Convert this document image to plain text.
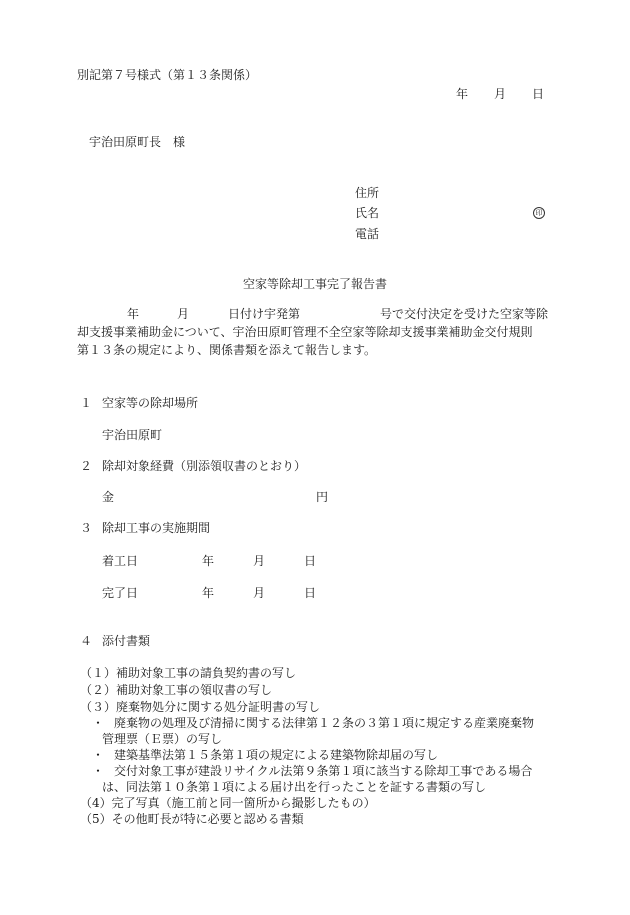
別記第７号様式（第１３条関係）
年 月 日
宇治田原町長　様
住所
氏名	印
電話
空家等除却工事完了報告書
年	月	日付け宇発第	号で交付決定を受けた空家等除
却支援事業補助金について、宇治田原町管理不全空家等除却支援事業補助金交付規則
第１３条の規定により、関係書類を添えて報告します。
１ 空家等の除却場所
宇治田原町
２ 除却対象経費（別添領収書のとおり）
金	円
３ 除却工事の実施期間
着工日	年	月	日
完了日	年	月	日
４ 添付書類
（１）補助対象工事の請負契約書の写し
（２）補助対象工事の領収書の写し
（３）廃棄物処分に関する処分証明書の写し
・ 廃棄物の処理及び清掃に関する法律第１２条の３第１項に規定する産業廃棄物
管理票（Ｅ票）の写し
・ 建築基準法第１５条第１項の規定による建築物除却届の写し
・ 交付対象工事が建設リサイクル法第９条第１項に該当する除却工事である場合
は、同法第１０条第１項による届け出を行ったことを証する書類の写し
（4）完了写真（施工前と同一箇所から撮影したもの）
（5）その他町長が特に必要と認める書類
